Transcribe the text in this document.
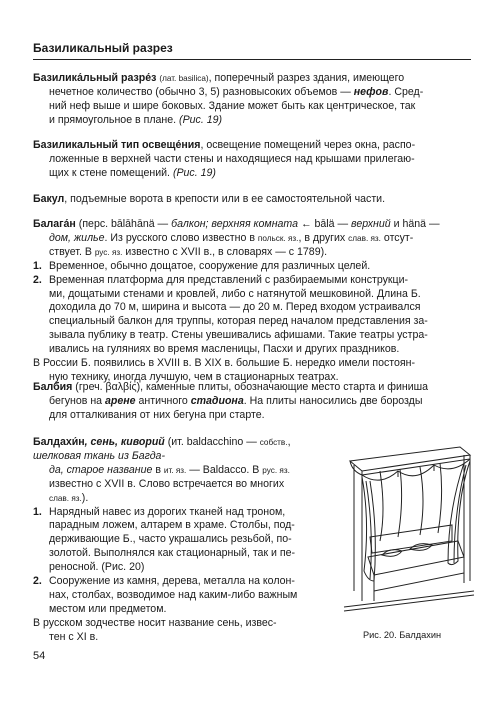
Базиликальный разрез

Базилика́льный разре́з (лат. basilica), поперечный разрез здания, имеющего

нечетное количество (обычно 3, 5) разновысоких объемов — нефов. Сред-

ний неф выше и шире боковых. Здание может быть как центрическое, так

и прямоугольное в плане. (Рис. 19)

Базиликальный тип освеще́ния, освещение помещений через окна, распо-

ложенные в верхней части стены и находящиеся над крышами прилегаю-

щих к стене помещений. (Рис. 19)

Бакул, подъемные ворота в крепости или в ее самостоятельной части.

Балага́н (перс. bālāhānä — балкон; верхняя комната ← bālä — верхний и hänä —

дом, жилье. Из русского слово известно в польск. яз., в других слав. яз. отсут-

ствует. В рус. яз. известно с XVII в., в словарях — с 1789).

1. Временное, обычно дощатое, сооружение для различных целей.

2. Временная платформа для представлений с разбираемыми конструкци-

ми, дощатыми стенами и кровлей, либо с натянутой мешковиной. Длина Б.

доходила до 70 м, ширина и высота — до 20 м. Перед входом устраивался

специальный балкон для труппы, которая перед началом представления за-

зывала публику в театр. Стены увешивались афишами. Такие театры устра-

ивались на гуляниях во время масленицы, Пасхи и других праздников.

В России Б. появились в XVIII в. В XIX в. большие Б. нередко имели постоян-

ную технику, иногда лучшую, чем в стационарных театрах.

Балбия (греч. βαλβίς), каменные плиты, обозначающие место старта и финиша

бегунов на арене античного стадиона. На плиты наносились две борозды

для отталкивания от них бегуна при старте.

Балдахи́н, сень, киворий (ит. baldacchino — собств., шелковая ткань из Багда-

да, старое название в ит. яз. — Baldacco. В рус. яз.

известно с XVII в. Слово встречается во многих

слав. яз.).

1. Нарядный навес из дорогих тканей над троном,

парадным ложем, алтарем в храме. Столбы, под-

держивающие Б., часто украшались резьбой, по-

золотой. Выполнялся как стационарный, так и пе-

реносной. (Рис. 20)

2. Сооружение из камня, дерева, металла на колон-

нах, столбах, возводимое над каким-либо важным

местом или предметом.

В русском зодчестве носит название сень, извес-

тен с XI в.	Рис. 20. Балдахин
54
